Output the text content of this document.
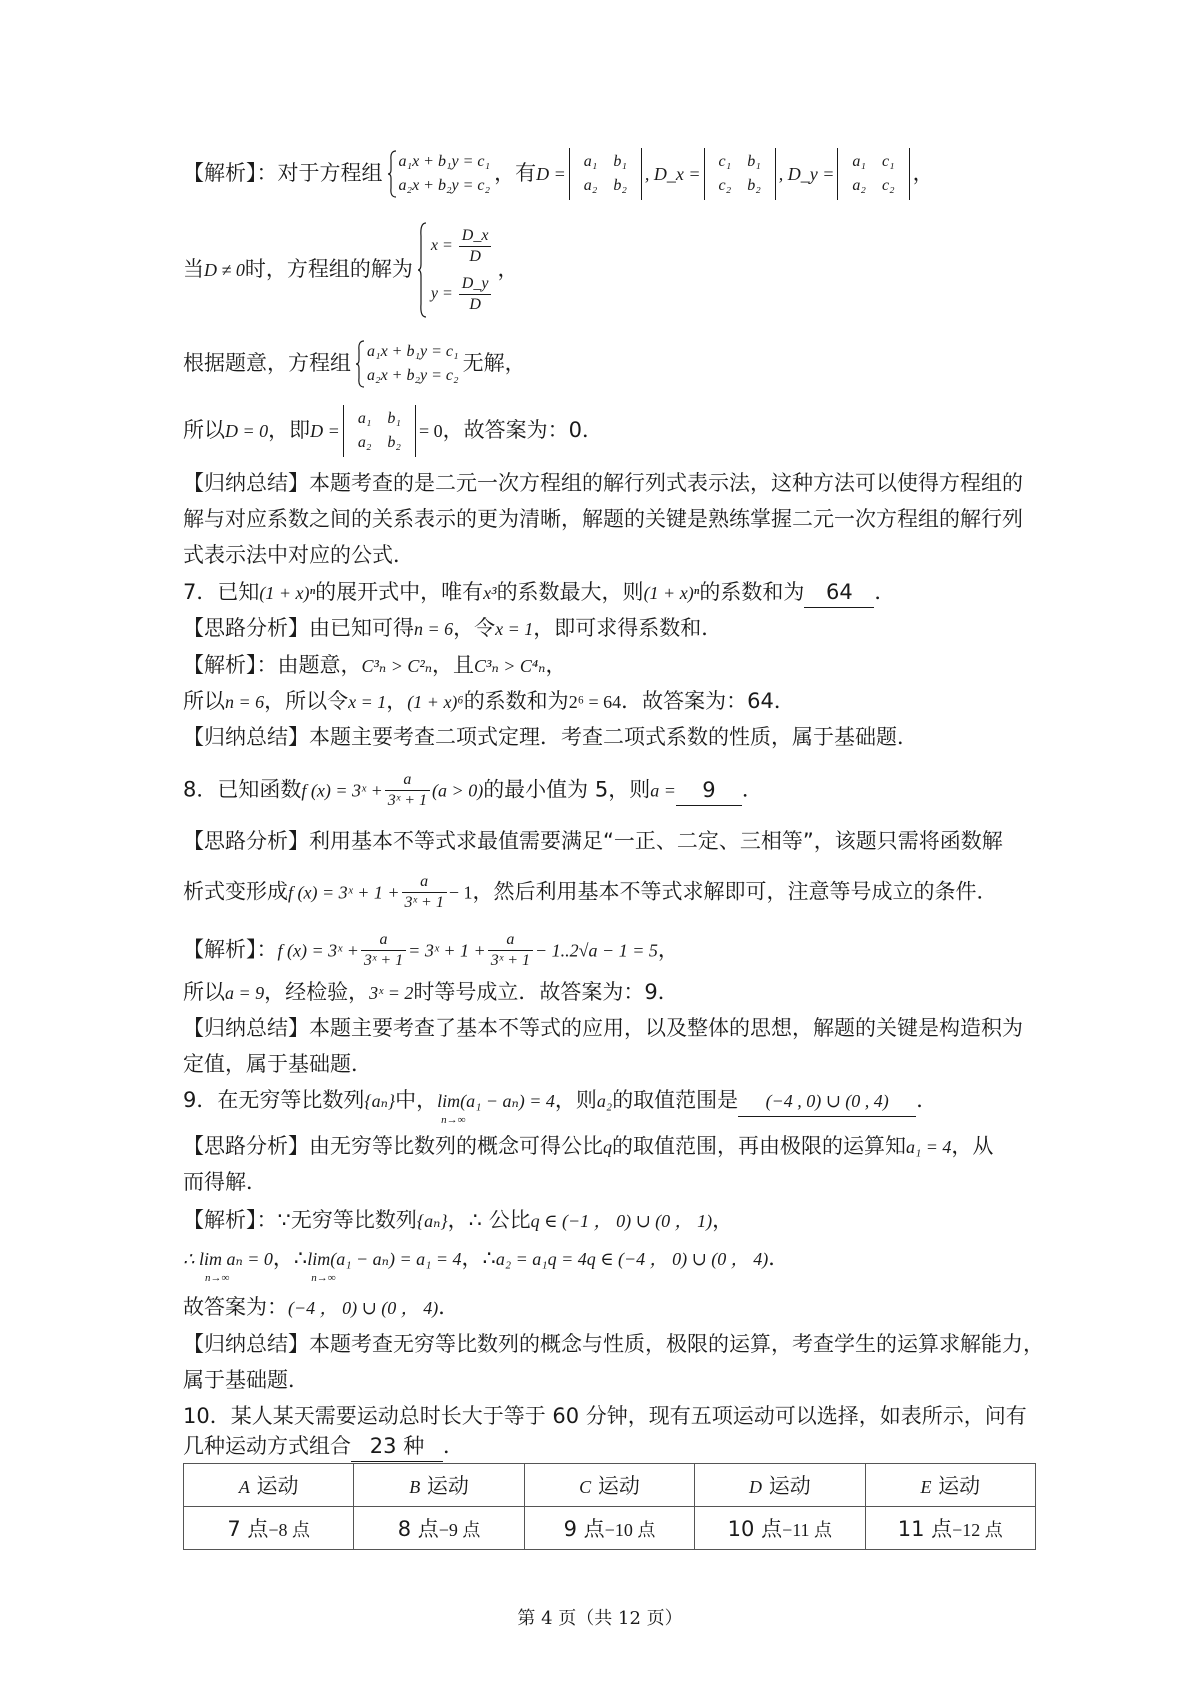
【解析】：对于方程组 a₁x + b₁y = c₁
a₂x + b₂y = c₂
，有D =
a₁	b₁
a₂	b₂
, D_x =
c₁	b₁
c₂	b₂
, D_y =
a₁	c₁
a₂	c₂
，
当D ≠ 0时，方程组的解为
$x = \frac{D\_x}{D}$
$y = \frac{D\_y}{D}$
，
根据题意，方程组 a₁x + b₁y = c₁
a₂x + b₂y = c₂
无解，
所以D = 0，即D =
a₁	b₁
a₂	b₂
= 0，故答案为：0．
【归纳总结】本题考查的是二元一次方程组的解行列式表示法，这种方法可以使得方程组的
解与对应系数之间的关系表示的更为清晰，解题的关键是熟练掌握二元一次方程组的解行列
式表示法中对应的公式．
7．已知(1 + x)ⁿ的展开式中，唯有x³的系数最大，则(1 + x)ⁿ的系数和为 64 ．
【思路分析】由已知可得n = 6，令x = 1，即可求得系数和．
【解析】：由题意，C³ₙ > C²ₙ，且C³ₙ > C⁴ₙ，
所以n = 6，所以令x = 1，(1 + x)⁶的系数和为2⁶ = 64．故答案为：64．
【归纳总结】本题主要考查二项式定理．考查二项式系数的性质，属于基础题．
8．已知函数f (x) = 3ˣ + $\frac{a}{\text{3ˣ + 1}} (a > 0)$的最小值为 5，则a = 9 ．
【思路分析】利用基本不等式求最值需要满足“一正、二定、三相等”，该题只需将函数解
析式变形成f (x) = 3ˣ + $1 + \frac{a}{\text{3ˣ + 1}} - 1$，然后利用基本不等式求解即可，注意等号成立的条件．
【解析】：f (x) = 3ˣ + $\frac{a}{\text{3ˣ + 1}}$ = 3ˣ + $1 + \frac{a}{\text{3ˣ + 1}} - 1..2√a - 1 = 5$，
所以a = 9，经检验，3ˣ = 2时等号成立．故答案为：9．
【归纳总结】本题主要考查了基本不等式的应用，以及整体的思想，解题的关键是构造积为
定值，属于基础题．
9．在无穷等比数列{aₙ}中，lim(a₁ − aₙ) = 4
n→∞
，则a₂的取值范围是 (−4 , 0) ∪ (0 , 4) ．
【思路分析】由无穷等比数列的概念可得公比q的取值范围，再由极限的运算知a₁ = 4，从
而得解．
【解析】：∵无穷等比数列{aₙ}，∴ 公比q ∈ (−1 ， 0) ∪ (0 ， 1)，
∴ lim aₙ = 0
n→∞
，∴lim(a₁ − aₙ) = a₁ = 4
n→∞
，∴a₂ = a₁q = 4q ∈ (−4 ， 0) ∪ (0 ， 4)．
故答案为：(−4 ， 0) ∪ (0 ， 4)．
【归纳总结】本题考查无穷等比数列的概念与性质，极限的运算，考查学生的运算求解能力，
属于基础题．
10．某人某天需要运动总时长大于等于 60 分钟，现有五项运动可以选择，如表所示，问有
几种运动方式组合 23 种 ．
A 运动	B 运动	C 运动	D 运动	E 运动
7 点−8 点	8 点−9 点	9 点−10 点	10 点−11 点	11 点−12 点
第 4 页（共 12 页）
